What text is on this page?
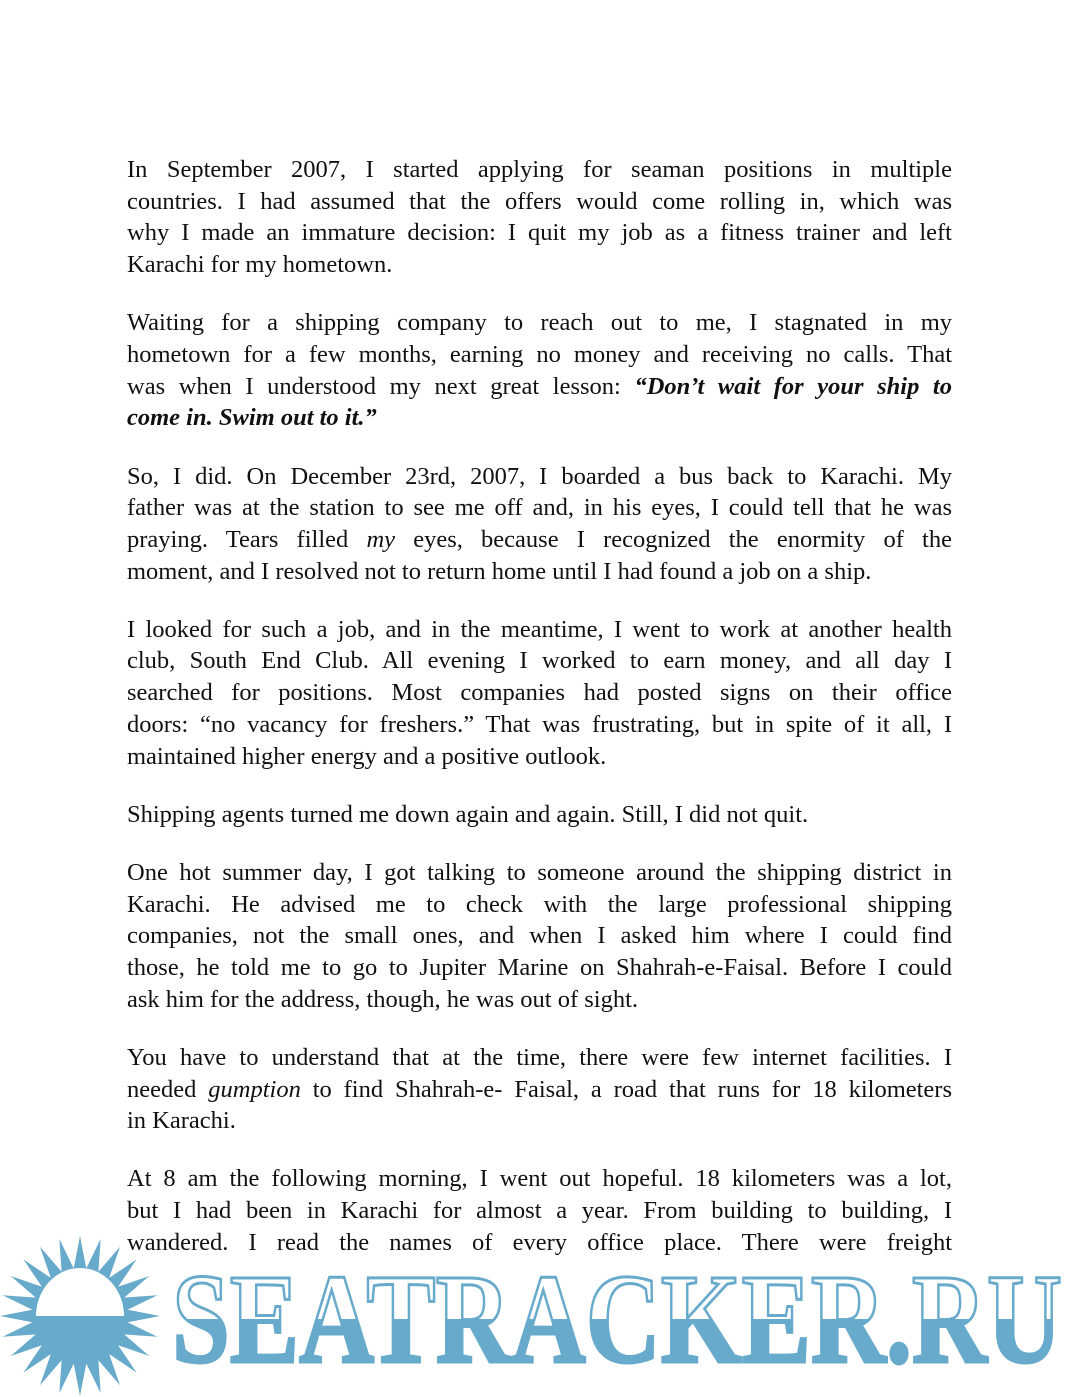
In September 2007, I started applying for seaman positions in multiple
countries. I had assumed that the offers would come rolling in, which was
why I made an immature decision: I quit my job as a fitness trainer and left
Karachi for my hometown.
Waiting for a shipping company to reach out to me, I stagnated in my
hometown for a few months, earning no money and receiving no calls. That
was when I understood my next great lesson: “Don’t wait for your ship to
come in. Swim out to it.”
So, I did. On December 23rd, 2007, I boarded a bus back to Karachi. My
father was at the station to see me off and, in his eyes, I could tell that he was
praying. Tears filled my eyes, because I recognized the enormity of the
moment, and I resolved not to return home until I had found a job on a ship.
I looked for such a job, and in the meantime, I went to work at another health
club, South End Club. All evening I worked to earn money, and all day I
searched for positions. Most companies had posted signs on their office
doors: “no vacancy for freshers.” That was frustrating, but in spite of it all, I
maintained higher energy and a positive outlook.
Shipping agents turned me down again and again. Still, I did not quit.
One hot summer day, I got talking to someone around the shipping district in
Karachi. He advised me to check with the large professional shipping
companies, not the small ones, and when I asked him where I could find
those, he told me to go to Jupiter Marine on Shahrah-e-Faisal. Before I could
ask him for the address, though, he was out of sight.
You have to understand that at the time, there were few internet facilities. I
needed gumption to find Shahrah-e- Faisal, a road that runs for 18 kilometers
in Karachi.
At 8 am the following morning, I went out hopeful. 18 kilometers was a lot,
but I had been in Karachi for almost a year. From building to building, I
wandered. I read the names of every office place. There were freight
SEATRACKER.RU
